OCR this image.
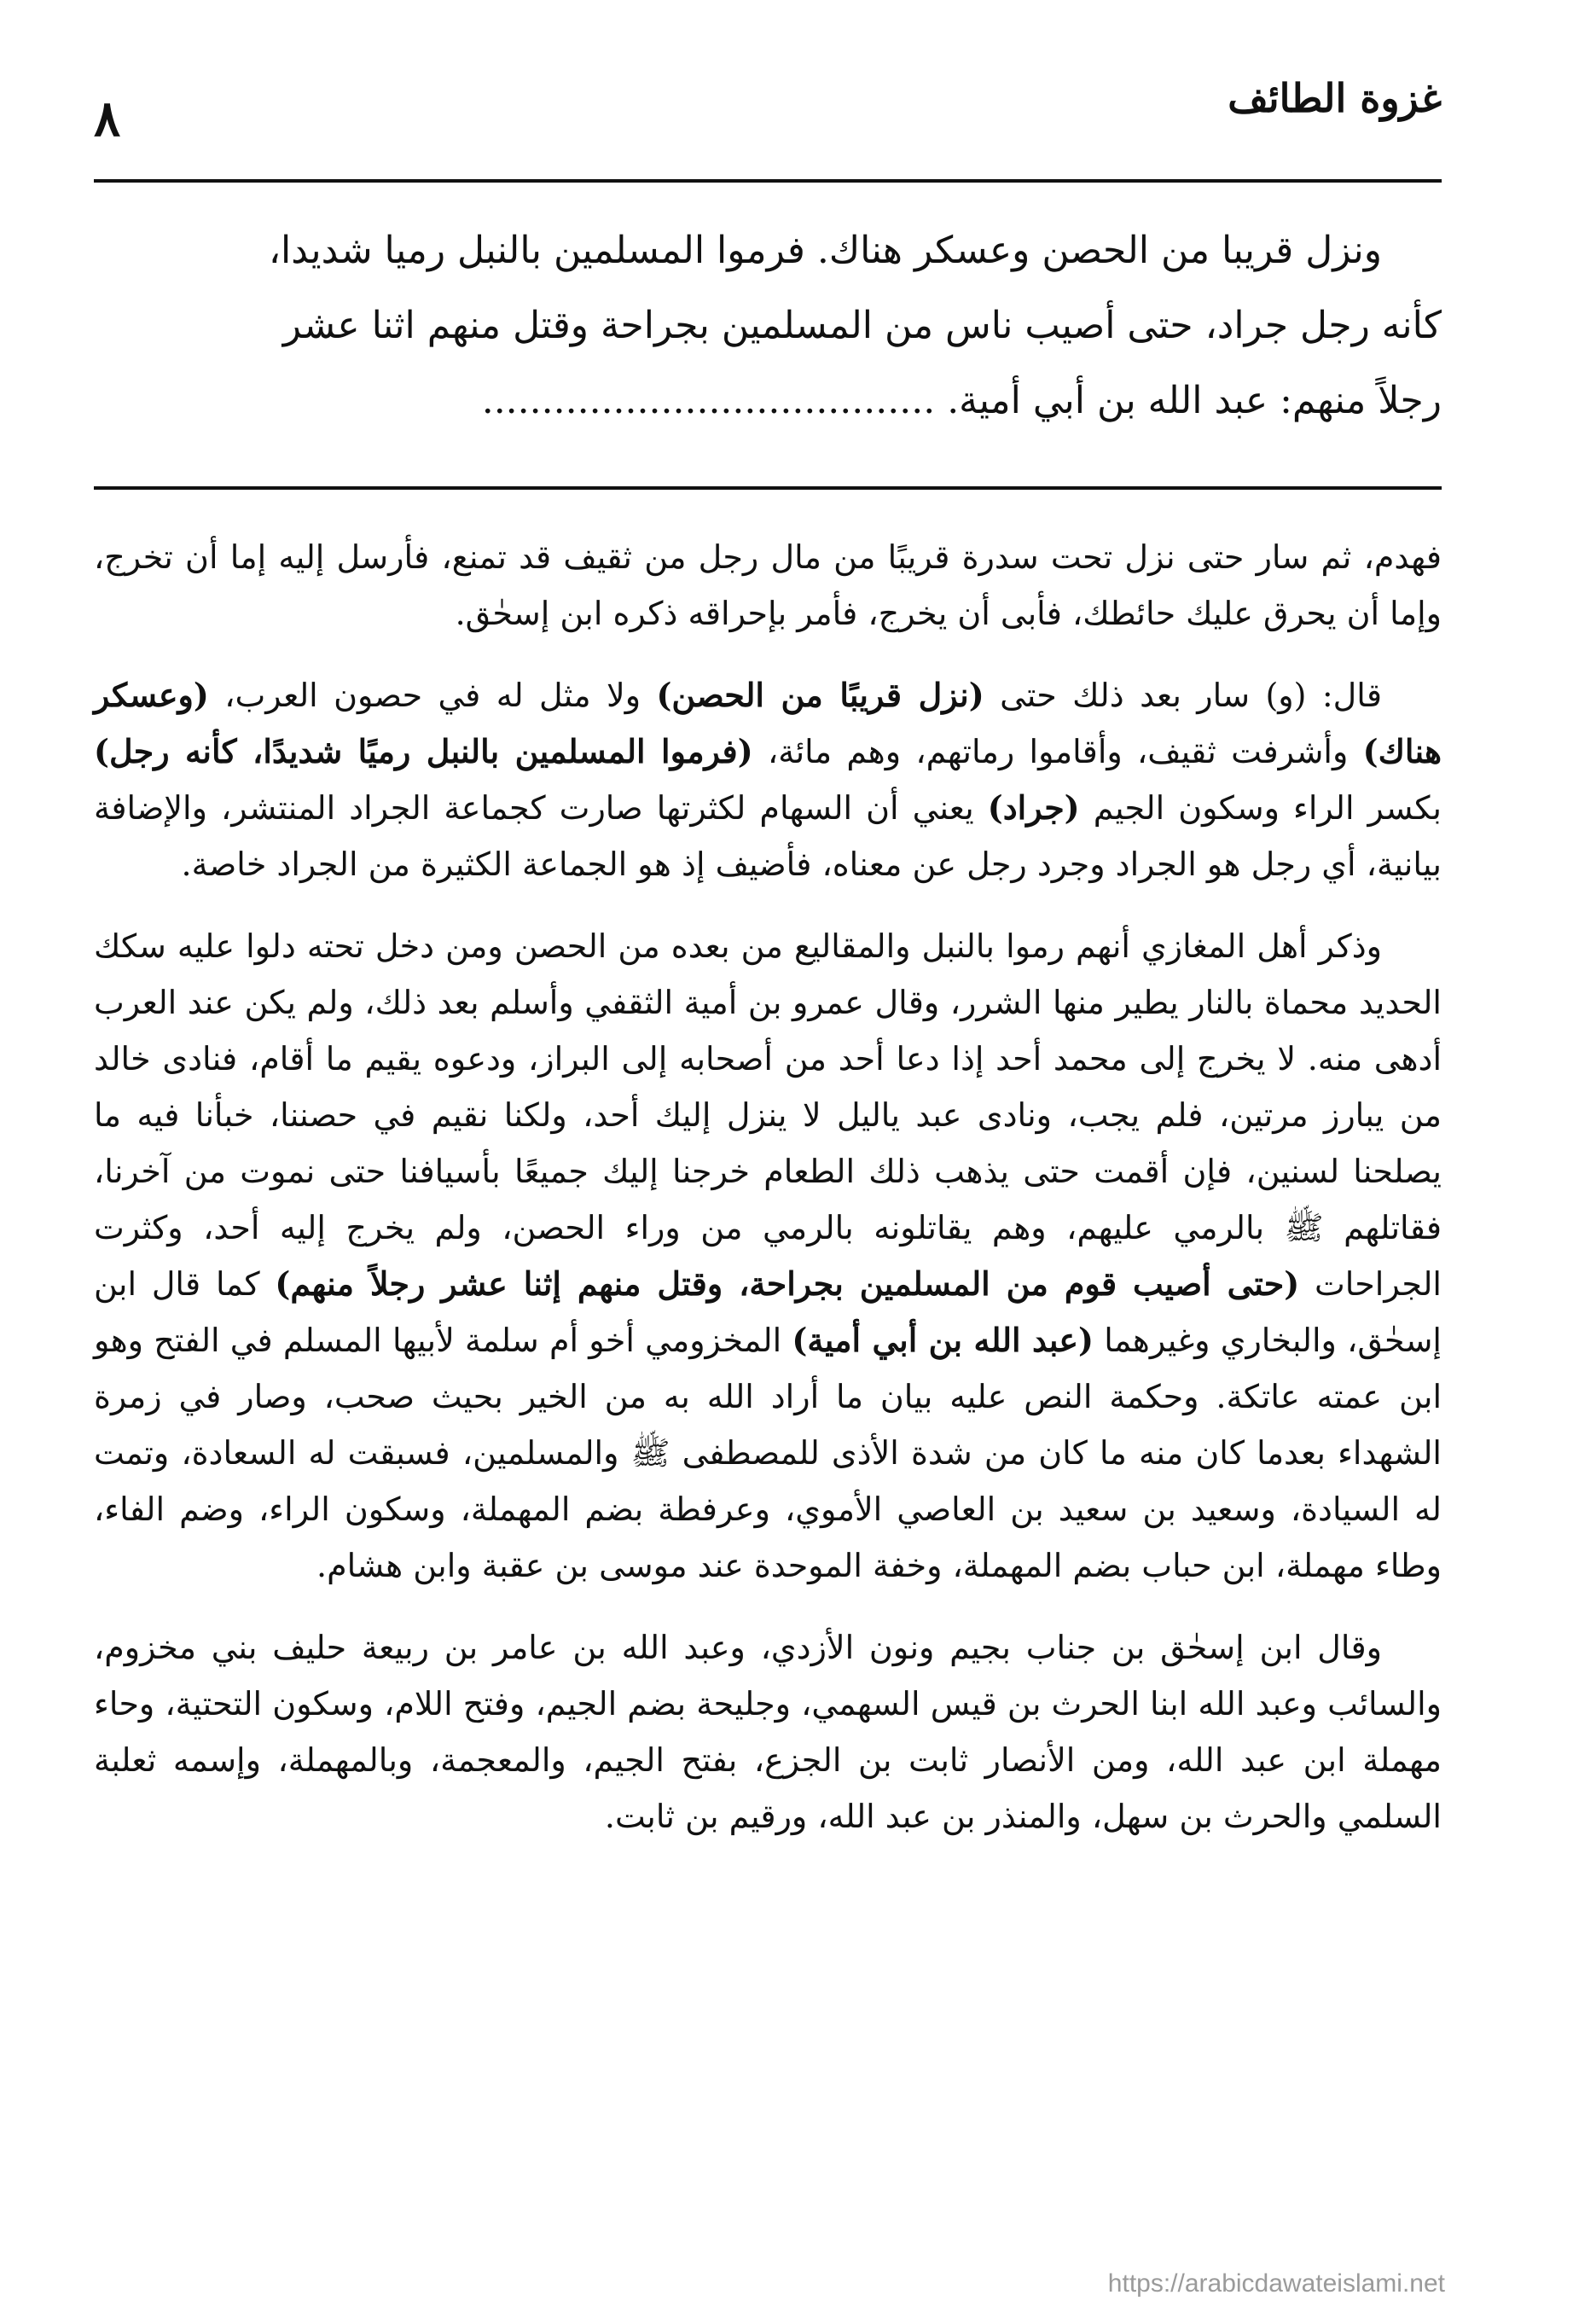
٨	غزوة الطائف

ونزل قريبا من الحصن وعسكر هناك. فرموا المسلمين بالنبل رميا شديدا،

كأنه رجل جراد، حتى أصيب ناس من المسلمين بجراحة وقتل منهم اثنا عشر

رجلاً منهم: عبد الله بن أبي أمية. ......................................

فهدم، ثم سار حتى نزل تحت سدرة قريبًا من مال رجل من ثقيف قد تمنع، فأرسل إليه إما أن تخرج، وإما أن يحرق عليك حائطك، فأبى أن يخرج، فأمر بإحراقه ذكره ابن إسحٰق.

قال: (و) سار بعد ذلك حتى (نزل قريبًا من الحصن) ولا مثل له في حصون العرب، (وعسكر هناك) وأشرفت ثقيف، وأقاموا رماتهم، وهم مائة، (فرموا المسلمين بالنبل رميًا شديدًا، كأنه رجل) بكسر الراء وسكون الجيم (جراد) يعني أن السهام لكثرتها صارت كجماعة الجراد المنتشر، والإضافة بيانية، أي رجل هو الجراد وجرد رجل عن معناه، فأضيف إذ هو الجماعة الكثيرة من الجراد خاصة.

وذكر أهل المغازي أنهم رموا بالنبل والمقاليع من بعده من الحصن ومن دخل تحته دلوا عليه سكك الحديد محماة بالنار يطير منها الشرر، وقال عمرو بن أمية الثقفي وأسلم بعد ذلك، ولم يكن عند العرب أدهى منه. لا يخرج إلى محمد أحد إذا دعا أحد من أصحابه إلى البراز، ودعوه يقيم ما أقام، فنادى خالد من يبارز مرتين، فلم يجب، ونادى عبد ياليل لا ينزل إليك أحد، ولكنا نقيم في حصننا، خبأنا فيه ما يصلحنا لسنين، فإن أقمت حتى يذهب ذلك الطعام خرجنا إليك جميعًا بأسيافنا حتى نموت من آخرنا، فقاتلهم ﷺ بالرمي عليهم، وهم يقاتلونه بالرمي من وراء الحصن، ولم يخرج إليه أحد، وكثرت الجراحات (حتى أصيب قوم من المسلمين بجراحة، وقتل منهم إثنا عشر رجلاً منهم) كما قال ابن إسحٰق، والبخاري وغيرهما (عبد الله بن أبي أمية) المخزومي أخو أم سلمة لأبيها المسلم في الفتح وهو ابن عمته عاتكة. وحكمة النص عليه بيان ما أراد الله به من الخير بحيث صحب، وصار في زمرة الشهداء بعدما كان منه ما كان من شدة الأذى للمصطفى ﷺ والمسلمين، فسبقت له السعادة، وتمت له السيادة، وسعيد بن سعيد بن العاصي الأموي، وعرفطة بضم المهملة، وسكون الراء، وضم الفاء، وطاء مهملة، ابن حباب بضم المهملة، وخفة الموحدة عند موسى بن عقبة وابن هشام.

وقال ابن إسحٰق بن جناب بجيم ونون الأزدي، وعبد الله بن عامر بن ربيعة حليف بني مخزوم، والسائب وعبد الله ابنا الحرث بن قيس السهمي، وجليحة بضم الجيم، وفتح اللام، وسكون التحتية، وحاء مهملة ابن عبد الله، ومن الأنصار ثابت بن الجزع، بفتح الجيم، والمعجمة، وبالمهملة، وإسمه ثعلبة السلمي والحرث بن سهل، والمنذر بن عبد الله، ورقيم بن ثابت.

https://arabicdawateislami.net
